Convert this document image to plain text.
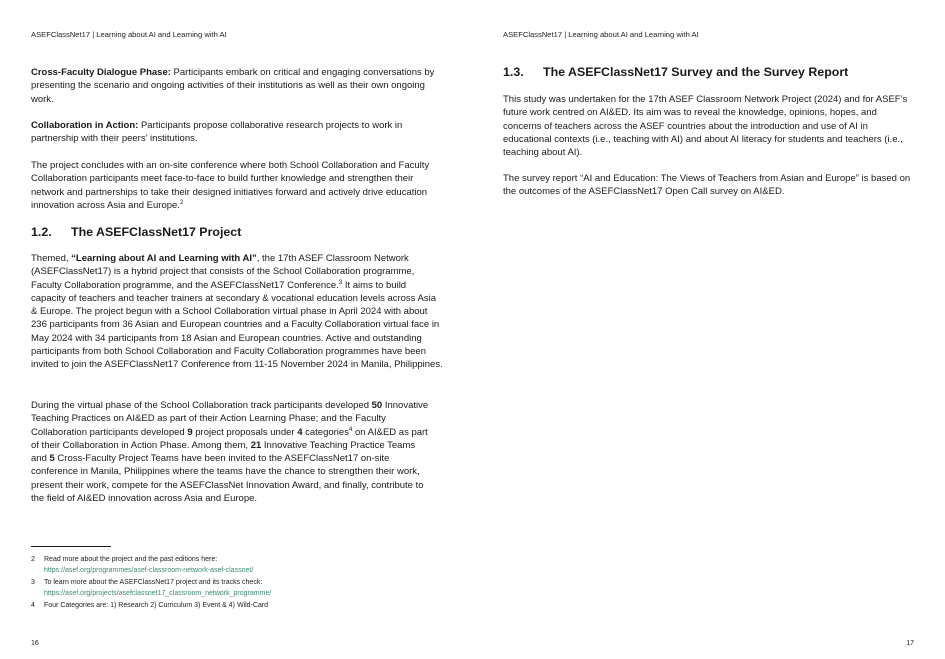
ASEFClassNet17 | Learning about AI and Learning with AI

Cross-Faculty Dialogue Phase: Participants embark on critical and engaging conversations by presenting the scenario and ongoing activities of their institutions as well as their own ongoing work.

Collaboration in Action: Participants propose collaborative research projects to work in partnership with their peers’ institutions.

The project concludes with an on-site conference where both School Collaboration and Faculty Collaboration participants meet face-to-face to build further knowledge and strengthen their network and partnerships to take their designed initiatives forward and actively drive education innovation across Asia and Europe.$^2$

1.2. The ASEFClassNet17 Project

Themed, “Learning about AI and Learning with AI”, the 17th ASEF Classroom Network (ASEFClassNet17) is a hybrid project that consists of the School Collaboration programme, Faculty Collaboration programme, and the ASEFClassNet17 Conference.$^3$ It aims to build capacity of teachers and teacher trainers at secondary & vocational education levels across Asia & Europe. The project begun with a School Collaboration virtual phase in April 2024 with about 236 participants from 36 Asian and European countries and a Faculty Collaboration virtual face in May 2024 with 34 participants from 18 Asian and European countries. Active and outstanding participants from both School Collaboration and Faculty Collaboration programmes have been invited to join the ASEFClassNet17 Conference from 11-15 November 2024 in Manila, Philippines.

During the virtual phase of the School Collaboration track participants developed 50 Innovative Teaching Practices on AI&ED as part of their Action Learning Phase; and the Faculty Collaboration participants developed 9 project proposals under 4 categories$^4$ on AI&ED as part of their Collaboration in Action Phase. Among them, 21 Innovative Teaching Practice Teams and 5 Cross-Faculty Project Teams have been invited to the ASEFClassNet17 on-site conference in Manila, Philippines where the teams have the chance to strengthen their work, present their work, compete for the ASEFClassNet Innovation Award, and finally, contribute to the field of AI&ED innovation across Asia and Europe.

2 Read more about the project and the past editions here:
https://asef.org/programmes/asef-classroom-network-asef-classnet/
3 To learn more about the ASEFClassNet17 project and its tracks check:
https://asef.org/projects/asefclassnet17_classroom_network_programme/
4 Four Categories are: 1) Research 2) Curriculum 3) Event & 4) Wild-Card
16
ASEFClassNet17 | Learning about AI and Learning with AI
1.3. The ASEFClassNet17 Survey and the Survey Report

This study was undertaken for the 17th ASEF Classroom Network Project (2024) and for ASEF’s future work centred on AI&ED. Its aim was to reveal the knowledge, opinions, hopes, and concerns of teachers across the ASEF countries about the introduction and use of AI in educational contexts (i.e., teaching with AI) and about AI literacy for students and teachers (i.e., teaching about AI).

The survey report “AI and Education: The Views of Teachers from Asian and Europe” is based on the outcomes of the ASEFClassNet17 Open Call survey on AI&ED.

17
